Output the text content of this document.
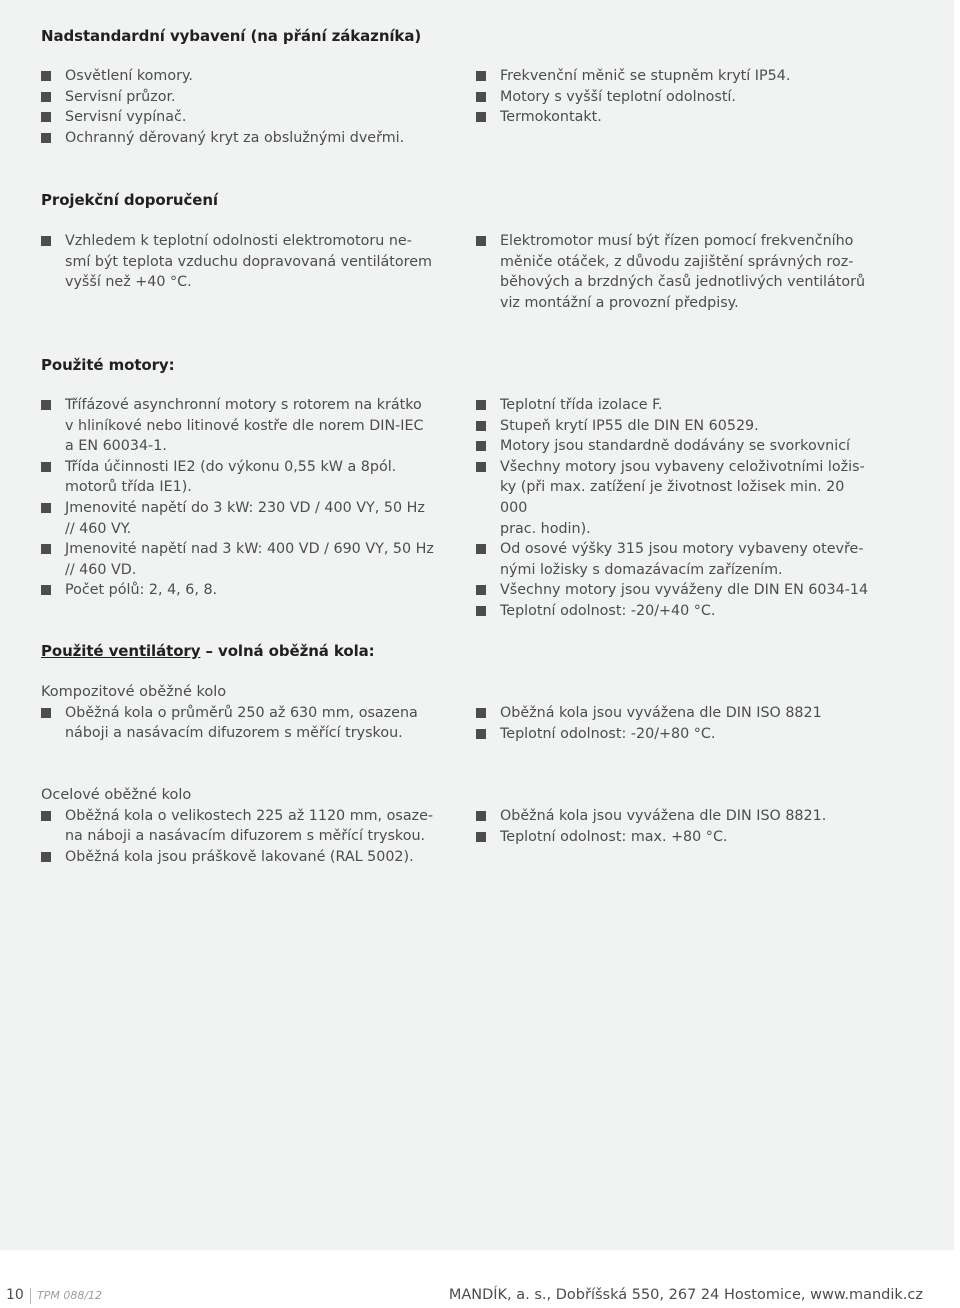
Nadstandardní vybavení (na přání zákazníka)
Osvětlení komory.
Servisní průzor.
Servisní vypínač.
Ochranný děrovaný kryt za obslužnými dveřmi.
Frekvenční měnič se stupněm krytí IP54.
Motory s vyšší teplotní odolností.
Termokontakt.
Projekční doporučení
Vzhledem k teplotní odolnosti elektromotoru ne-
smí být teplota vzduchu dopravovaná ventilátorem
vyšší než +40 °C.
Elektromotor musí být řízen pomocí frekvenčního
měniče otáček, z důvodu zajištění správných roz-
běhových a brzdných časů jednotlivých ventilátorů
viz montážní a provozní předpisy.
Použité motory:
Třífázové asynchronní motory s rotorem na krátko
v hliníkové nebo litinové kostře dle norem DIN-IEC
a EN 60034-1.
Třída účinnosti IE2 (do výkonu 0,55 kW a 8pól.
motorů třída IE1).
Jmenovité napětí do 3 kW: 230 VD / 400 VY, 50 Hz
// 460 VY.
Jmenovité napětí nad 3 kW: 400 VD / 690 VY, 50 Hz
// 460 VD.
Počet pólů: 2, 4, 6, 8.
Teplotní třída izolace F.
Stupeň krytí IP55 dle DIN EN 60529.
Motory jsou standardně dodávány se svorkovnicí
Všechny motory jsou vybaveny celoživotními ložis-
ky (při max. zatížení je životnost ložisek min. 20 000
prac. hodin).
Od osové výšky 315 jsou motory vybaveny otevře-
nými ložisky s domazávacím zařízením.
Všechny motory jsou vyváženy dle DIN EN 6034-14
Teplotní odolnost: -20/+40 °C.
Použité ventilátory – volná oběžná kola:
Kompozitové oběžné kolo
Oběžná kola o průměrů 250 až 630 mm, osazena
náboji a nasávacím difuzorem s měřící tryskou.
Oběžná kola jsou vyvážena dle DIN ISO 8821
Teplotní odolnost: -20/+80 °C.
Ocelové oběžné kolo
Oběžná kola o velikostech 225 až 1120 mm, osaze-
na náboji a nasávacím difuzorem s měřící tryskou.
Oběžná kola jsou práškově lakované (RAL 5002).
Oběžná kola jsou vyvážena dle DIN ISO 8821.
Teplotní odolnost: max. +80 °C.
10 TPM 088/12	MANDÍK, a. s., Dobříšská 550, 267 24 Hostomice, www.mandik.cz
